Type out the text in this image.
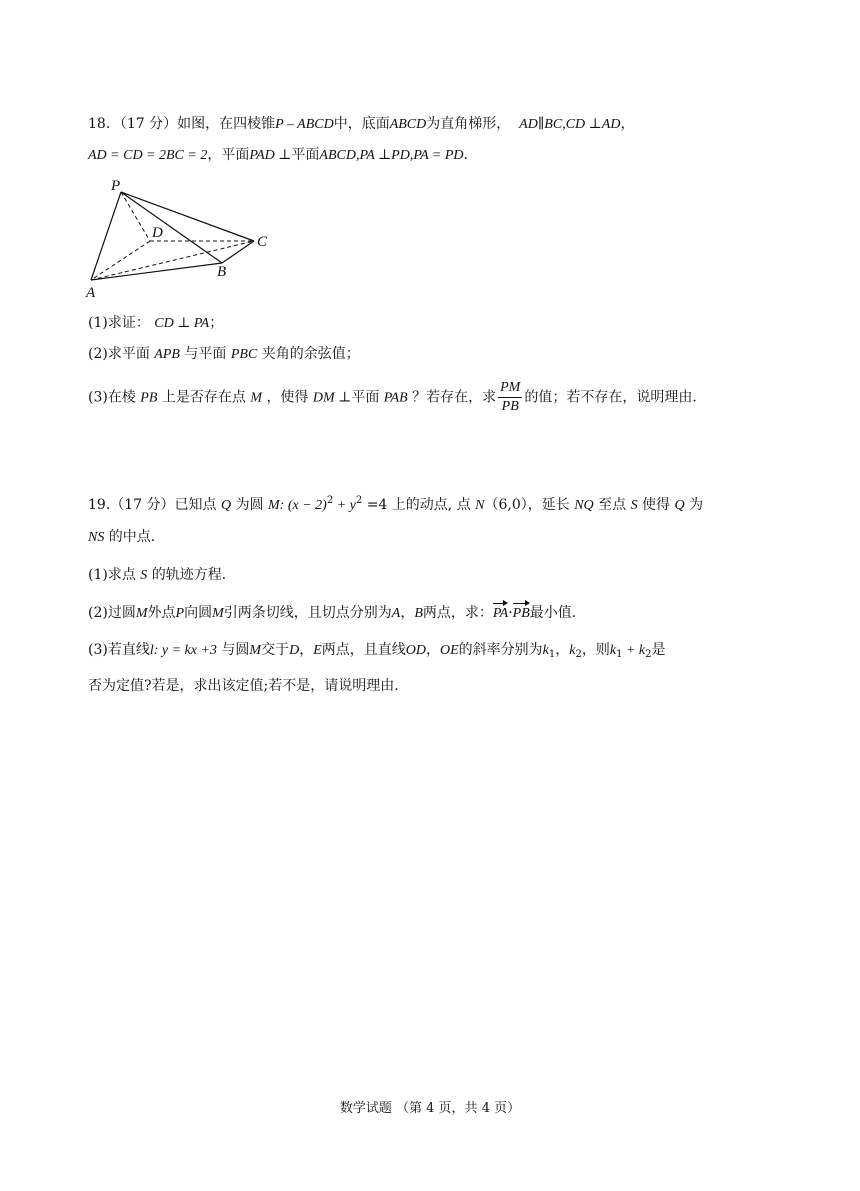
18．（17 分）如图，在四棱锥P – ABCD中，底面ABCD为直角梯形， AD∥BC,CD ⊥AD，
AD = CD = 2BC = 2，平面PAD ⊥平面ABCD,PA ⊥PD,PA = PD．
P
D
C
B
A
(1)求证： CD ⊥ PA；
(2)求平面 APB 与平面 PBC 夹角的余弦值；
(3)在棱 PB 上是否存在点 M ，使得 DM ⊥平面 PAB ？若存在，求 $\frac{PM}{PB}$ 的值；若不存在，说明理由．
19.（17 分）已知点 Q 为圆 M: $(x - 2)^2 + y^2 =4$ 上的动点, 点 N（6,0），延长 NQ 至点 S 使得 Q 为
NS 的中点．
(1)求点 S 的轨迹方程．
(2)过圆M外点P向圆M引两条切线，且切点分别为A，B两点，求：PA·PB最小值.
(3)若直线l: y = kx +3 与圆M交于D，E两点，且直线OD，OE的斜率分别为$k_1$，$k_2$，则$k_1 + k_2$是
否为定值?若是，求出该定值;若不是，请说明理由.
数学试题 （第 4 页，共 4 页）
